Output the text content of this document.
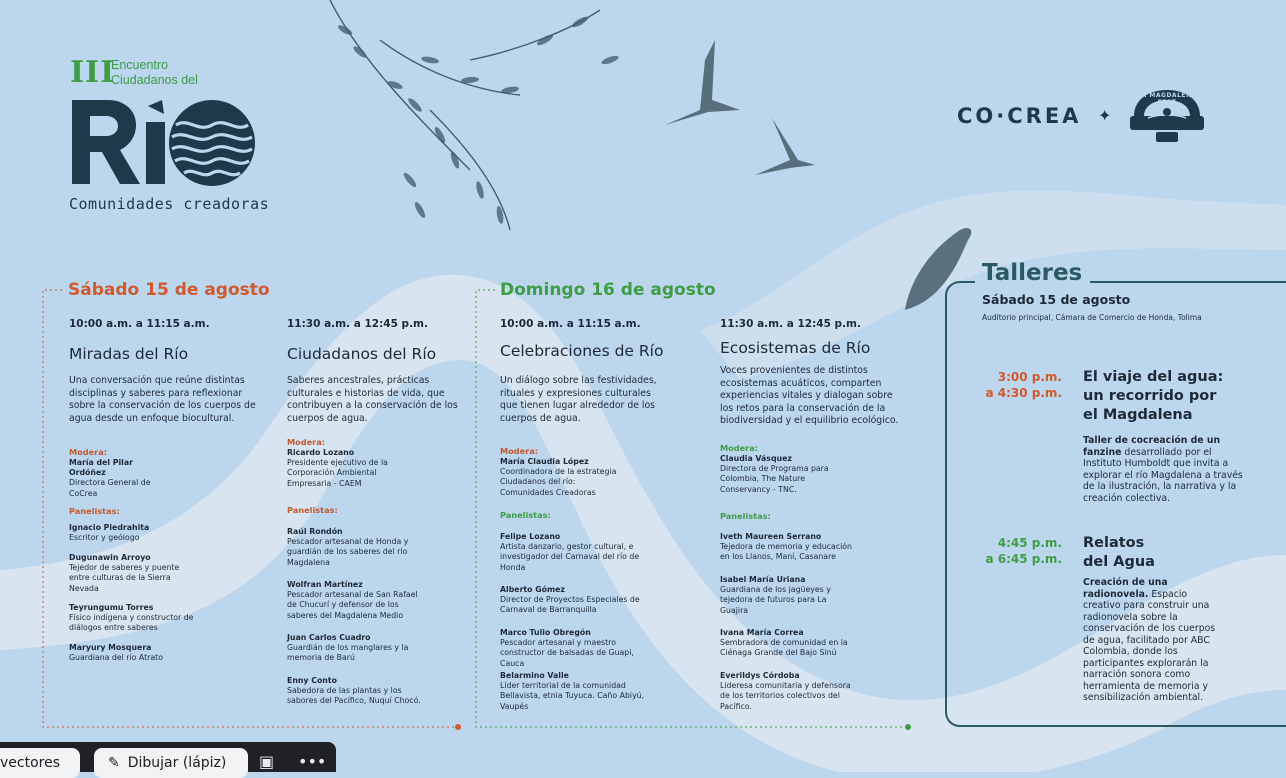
III
Encuentro
Ciudadanos del
Comunidades creadoras
CO·CREA ✦
LA MAGDALENA FEST
Sábado 15 de agosto
10:00 a.m. a 11:15 a.m.
Miradas del Río
Una conversación que reúne distintas disciplinas y saberes para reflexionar sobre la conservación de los cuerpos de agua desde un enfoque biocultural.
Modera:
María del Pilar Ordóñez
Directora General de CoCrea
Panelistas:
Ignacio Piedrahita
Escritor y geólogo
Dugunawin Arroyo
Tejedor de saberes y puente entre culturas de la Sierra Nevada
Teyrungumu Torres
Físico indígena y constructor de diálogos entre saberes
Maryury Mosquera
Guardiana del río Atrato
11:30 a.m. a 12:45 p.m.
Ciudadanos del Río
Saberes ancestrales, prácticas culturales e historias de vida, que contribuyen a la conservación de los cuerpos de agua.
Modera:
Ricardo Lozano
Presidente ejecutivo de la Corporación Ambiental Empresaria - CAEM
Panelistas:
Raúl Rondón
Pescador artesanal de Honda y guardián de los saberes del río Magdalena
Wolfran Martínez
Pescador artesanal de San Rafael de Chucurí y defensor de los saberes del Magdalena Medio
Juan Carlos Cuadro
Guardián de los manglares y la memoria de Barú
Enny Conto
Sabedora de las plantas y los sabores del Pacífico, Nuquí Chocó.
Domingo 16 de agosto
10:00 a.m. a 11:15 a.m.
Celebraciones de Río
Un diálogo sobre las festividades, rituales y expresiones culturales que tienen lugar alrededor de los cuerpos de agua.
Modera:
María Claudia López
Coordinadora de la estrategia Ciudadanos del río: Comunidades Creadoras
Panelistas:
Felipe Lozano
Artista danzario, gestor cultural, e investigador del Carnaval del río de Honda
Alberto Gómez
Director de Proyectos Especiales de Carnaval de Barranquilla
Marco Tulio Obregón
Pescador artesanal y maestro constructor de balsadas de Guapi, Cauca
Belarmino Valle
Líder territorial de la comunidad Bellavista, etnia Tuyuca. Caño Abiyú, Vaupés
11:30 a.m. a 12:45 p.m.
Ecosistemas de Río
Voces provenientes de distintos ecosistemas acuáticos, comparten experiencias vitales y dialogan sobre los retos para la conservación de la biodiversidad y el equilibrio ecológico.
Modera:
Claudia Vásquez
Directora de Programa para Colombia, The Nature Conservancy - TNC.
Panelistas:
Iveth Maureen Serrano
Tejedora de memoria y educación en los Llanos, Maní, Casanare
Isabel María Uriana
Guardiana de los jagüeyes y tejedora de futuros para La Guajira
Ivana María Correa
Sembradora de comunidad en la Ciénaga Grande del Bajo Sinú
Everildys Córdoba
Lideresa comunitaria y defensora de los territorios colectivos del Pacífico.
Talleres
Sábado 15 de agosto
Auditorio principal, Cámara de Comercio de Honda, Tolima
3:00 p.m.
a 4:30 p.m.
El viaje del agua:
un recorrido por
el Magdalena
Taller de cocreación de un fanzine desarrollado por el Instituto Humboldt que invita a explorar el río Magdalena a través de la ilustración, la narrativa y la creación colectiva.
4:45 p.m.
a 6:45 p.m.
Relatos
del Agua
Creación de una radionovela. Espacio creativo para construir una radionovela sobre la conservación de los cuerpos de agua, facilitado por ABC Colombia, donde los participantes explorarán la narración sonora como herramienta de memoria y sensibilización ambiental.
vectores	✎ Dibujar (lápiz)	▣ •••
